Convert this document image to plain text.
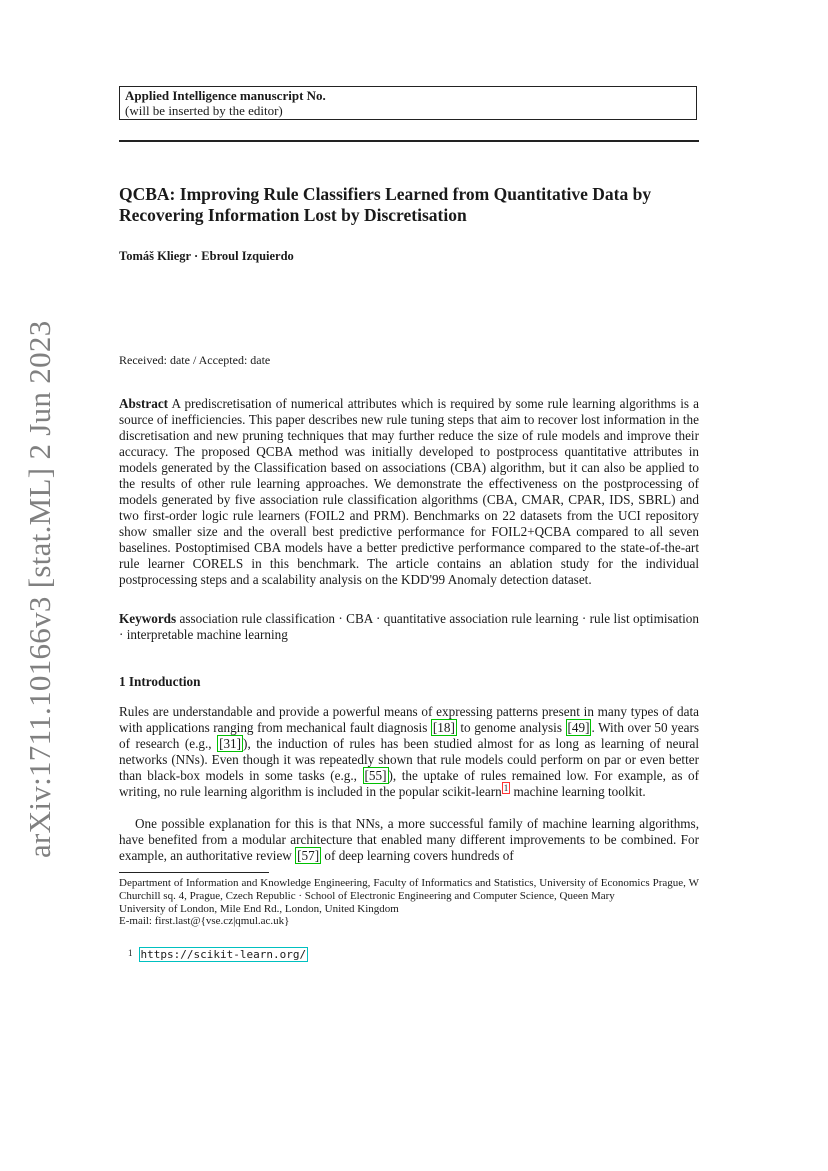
arXiv:1711.10166v3 [stat.ML] 2 Jun 2023
Applied Intelligence manuscript No.
(will be inserted by the editor)
QCBA: Improving Rule Classifiers Learned from Quantitative Data by Recovering Information Lost by Discretisation
Tomáš Kliegr · Ebroul Izquierdo
Received: date / Accepted: date
Abstract A prediscretisation of numerical attributes which is required by some rule learning algorithms is a source of inefficiencies. This paper describes new rule tuning steps that aim to recover lost information in the discretisation and new pruning techniques that may further reduce the size of rule models and improve their accuracy. The proposed QCBA method was initially developed to postprocess quantitative attributes in models generated by the Classification based on associations (CBA) algorithm, but it can also be applied to the results of other rule learning approaches. We demonstrate the effectiveness on the postprocessing of models generated by five association rule classification algorithms (CBA, CMAR, CPAR, IDS, SBRL) and two first-order logic rule learners (FOIL2 and PRM). Benchmarks on 22 datasets from the UCI repository show smaller size and the overall best predictive performance for FOIL2+QCBA compared to all seven baselines. Postoptimised CBA models have a better predictive performance compared to the state-of-the-art rule learner CORELS in this benchmark. The article contains an ablation study for the individual postprocessing steps and a scalability analysis on the KDD'99 Anomaly detection dataset.
Keywords association rule classification · CBA · quantitative association rule learning · rule list optimisation · interpretable machine learning
1 Introduction
Rules are understandable and provide a powerful means of expressing patterns present in many types of data with applications ranging from mechanical fault diagnosis [18] to genome analysis [49] . With over 50 years of research (e.g., [31] ), the induction of rules has been studied almost for as long as learning of neural networks (NNs). Even though it was repeatedly shown that rule models could perform on par or even better than black-box models in some tasks (e.g., [55] ), the uptake of rules remained low. For example, as of writing, no rule learning algorithm is included in the popular scikit-learn $^1$ machine learning toolkit.
One possible explanation for this is that NNs, a more successful family of machine learning algorithms, have benefited from a modular architecture that enabled many different improvements to be combined. For example, an authoritative review [57] of deep learning covers hundreds of
Department of Information and Knowledge Engineering, Faculty of Informatics and Statistics, University of Economics Prague, W Churchill sq. 4, Prague, Czech Republic · School of Electronic Engineering and Computer Science, Queen Mary
University of London, Mile End Rd., London, United Kingdom
E-mail: first.last@{vse.cz|qmul.ac.uk}
$^1$ https://scikit-learn.org/
